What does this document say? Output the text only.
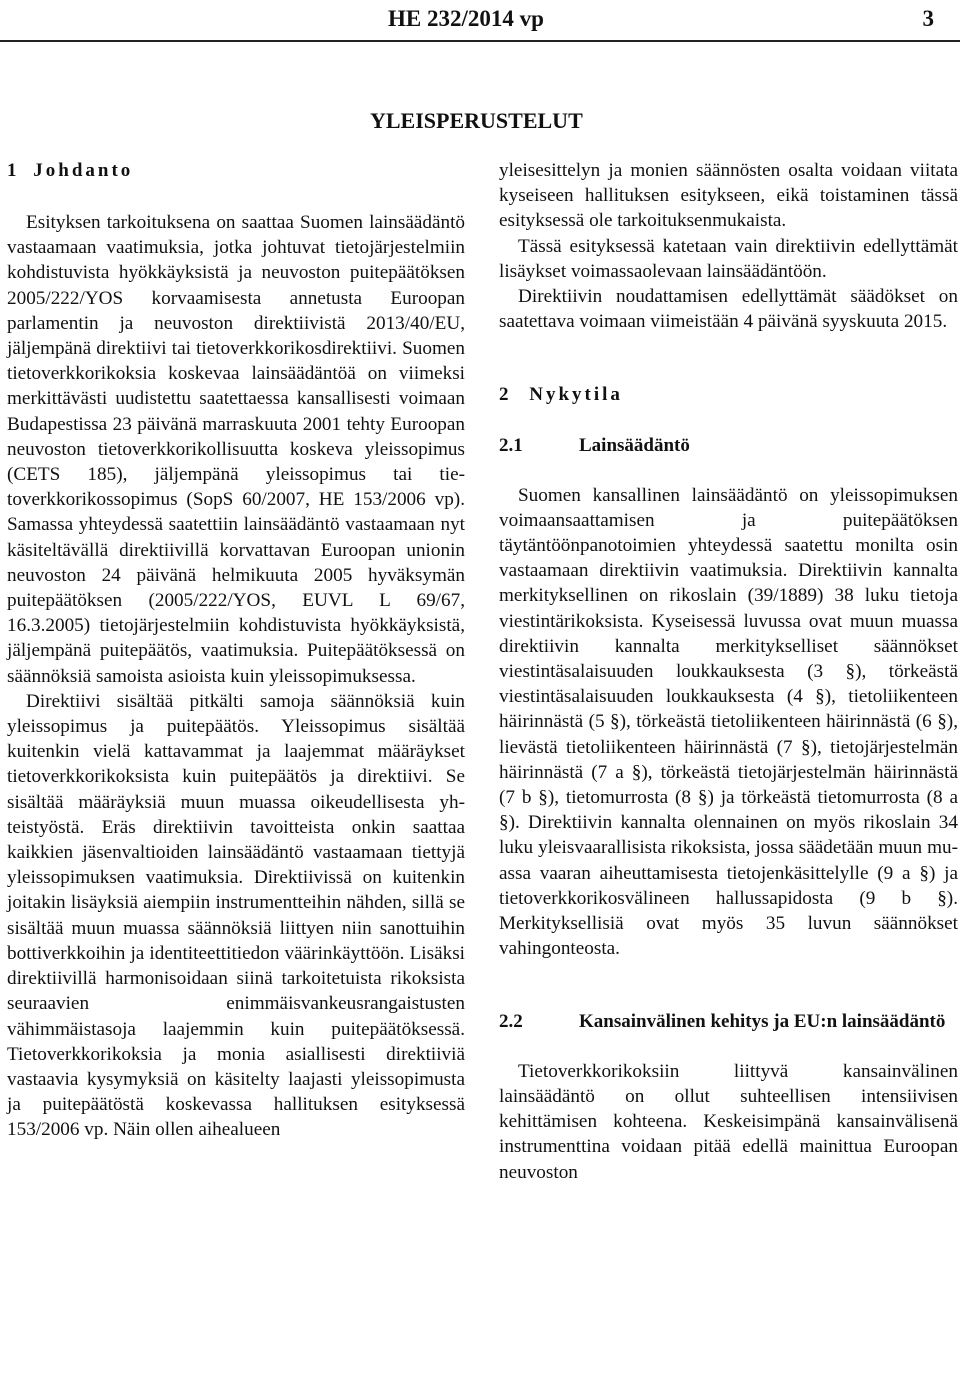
HE 232/2014 vp	3
YLEISPERUSTELUT
1 Johdanto

Esityksen tarkoituksena on saattaa Suomen lainsäädäntö vastaamaan vaatimuksia, jotka johtuvat tietojärjestelmiin kohdistuvista hyökkäyksistä ja neuvoston puitepäätöksen 2005/222/YOS korvaamisesta annetusta Euroopan parlamentin ja neuvoston direktiivistä 2013/40/EU, jäljempänä direktiivi tai tietoverkkorikosdirektiivi. Suomen tietoverkkorikoksia koskevaa lainsäädäntöä on viimeksi merkittävästi uudistettu saatettaessa kansallisesti voimaan Budapestissa 23 päivänä marraskuuta 2001 tehty Euroopan neuvoston tietoverkkorikollisuutta koskeva yleissopimus (CETS 185), jäljempänä yleissopimus tai tietoverkkorikossopimus (SopS 60/2007, HE 153/2006 vp). Samassa yhteydessä saatettiin lainsäädäntö vastaamaan nyt käsiteltävällä direktiivillä korvattavan Euroopan unionin neuvoston 24 päivänä helmikuuta 2005 hyväksymän puitepäätöksen (2005/222/YOS, EUVL L 69/67, 16.3.2005) tietojärjestelmiin kohdistuvista hyökkäyksistä, jäljempänä puitepäätös, vaatimuksia. Puitepäätöksessä on säännöksiä samoista asioista kuin yleissopimuksessa.

Direktiivi sisältää pitkälti samoja säännöksiä kuin yleissopimus ja puitepäätös. Yleissopimus sisältää kuitenkin vielä kattavammat ja laajemmat määräykset tietoverkkorikoksista kuin puitepäätös ja direktiivi. Se sisältää määräyksiä muun muassa oikeudellisesta yhteistyöstä. Eräs direktiivin tavoitteista onkin saattaa kaikkien jäsenvaltioiden lainsäädäntö vastaamaan tiettyjä yleissopimuksen vaatimuksia. Direktiivissä on kuitenkin joitakin lisäyksiä aiempiin instrumentteihin nähden, sillä se sisältää muun muassa säännöksiä liittyen niin sanottuihin bottiverkkoihin ja identiteettitiedon väärinkäyttöön. Lisäksi direktiivillä harmonisoidaan siinä tarkoitetuista rikoksista seuraavien enimmäisvankeusrangaistusten vähimmäistasoja laajemmin kuin puitepäätöksessä. Tietoverkkorikoksia ja monia asiallisesti direktiiviä vastaavia kysymyksiä on käsitelty laajasti yleissopimusta ja puitepäätöstä koskevassa hallituksen esityksessä 153/2006 vp. Näin ollen aihealueen

yleisesittelyn ja monien säännösten osalta voidaan viitata kyseiseen hallituksen esitykseen, eikä toistaminen tässä esityksessä ole tarkoituksenmukaista.

Tässä esityksessä katetaan vain direktiivin edellyttämät lisäykset voimassaolevaan lainsäädäntöön.

Direktiivin noudattamisen edellyttämät säädökset on saatettava voimaan viimeistään 4 päivänä syyskuuta 2015.

2 Nykytila
2.1	Lainsäädäntö

Suomen kansallinen lainsäädäntö on yleissopimuksen voimaansaattamisen ja puitepäätöksen täytäntöönpanotoimien yhteydessä saatettu monilta osin vastaamaan direktiivin vaatimuksia. Direktiivin kannalta merkityksellinen on rikoslain (39/1889) 38 luku tietoja viestintärikoksista. Kyseisessä luvussa ovat muun muassa direktiivin kannalta merkitykselliset säännökset viestintäsalaisuuden loukkauksesta (3 §), törkeästä viestintäsalaisuuden loukkauksesta (4 §), tietoliikenteen häirinnästä (5 §), törkeästä tietoliikenteen häirinnästä (6 §), lievästä tietoliikenteen häirinnästä (7 §), tietojärjestelmän häirinnästä (7 a §), törkeästä tietojärjestelmän häirinnästä (7 b §), tietomurrosta (8 §) ja törkeästä tietomurrosta (8 a §). Direktiivin kannalta olennainen on myös rikoslain 34 luku yleisvaarallisista rikoksista, jossa säädetään muun muassa vaaran aiheuttamisesta tietojenkäsittelylle (9 a §) ja tietoverkkorikosvälineen hallussapidosta (9 b §). Merkityksellisiä ovat myös 35 luvun säännökset vahingonteosta.

2.2	Kansainvälinen kehitys ja EU:n lainsäädäntö

Tietoverkkorikoksiin liittyvä kansainvälinen lainsäädäntö on ollut suhteellisen intensiivisen kehittämisen kohteena. Keskeisimpänä kansainvälisenä instrumenttina voidaan pitää edellä mainittua Euroopan neuvoston
